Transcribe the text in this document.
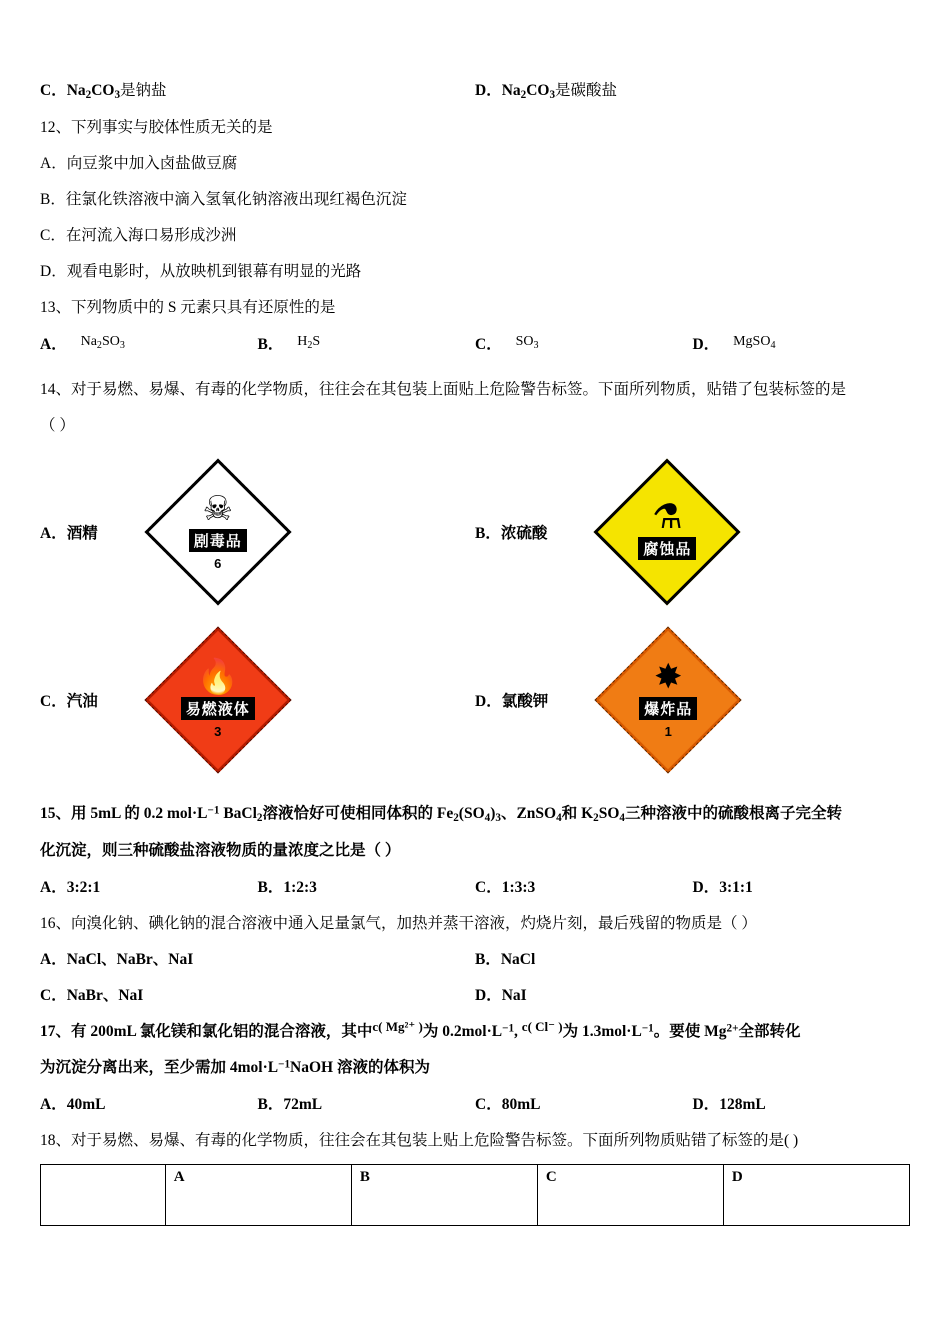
C．$Na_2CO_3$是钠盐	D．$Na_2CO_3$是碳酸盐
12、下列事实与胶体性质无关的是
A．向豆浆中加入卤盐做豆腐
B．往氯化铁溶液中滴入氢氧化钠溶液出现红褐色沉淀
C．在河流入海口易形成沙洲
D．观看电影时，从放映机到银幕有明显的光路
13、下列物质中的 S 元素只具有还原性的是
A． $Na_2SO_3$	B． $H_2S$	C． $SO_3$	D． MgSO$_4$
14、对于易燃、易爆、有毒的化学物质，往往会在其包装上面贴上危险警告标签。下面所列物质，贴错了包装标签的是
（ ）
A．酒精
☠
剧毒品
6
B．浓硫酸	⚗
腐蚀品
C．汽油
🔥
易燃液体
3
D．氯酸钾
✸
爆炸品
1
15、用 5mL 的 0.2 $mol\cdot L^{-1}$ BaCl$_2$溶液恰好可使相同体积的 $Fe_2(SO_4)_3$、ZnSO$_4$和 $K_2SO_4$三种溶液中的硫酸根离子完全转
化沉淀，则三种硫酸盐溶液物质的量浓度之比是（ ）
A．3:2:1	B．1:2:3	C．1:3:3	D．3:1:1
16、向溴化钠、碘化钠的混合溶液中通入足量氯气，加热并蒸干溶液，灼烧片刻，最后残留的物质是（ ）
A．NaCl、NaBr、NaI	B．NaCl
C．NaBr、NaI	D．NaI
17、有 200mL 氯化镁和氯化铝的混合溶液，其中c( Mg²⁺ )为 $0.2mol\cdot L^{-1}$, c( Cl⁻ )为 $1.3mol\cdot L^{-1}$。要使 $Mg^{2+}$全部转化
为沉淀分离出来，至少需加 $4mol\cdot L^{-1}NaOH$ 溶液的体积为
A．40mL	B．72mL	C．80mL	D．128mL
18、对于易燃、易爆、有毒的化学物质，往往会在其包装上贴上危险警告标签。下面所列物质贴错了标签的是( )
	A	B	C	D
